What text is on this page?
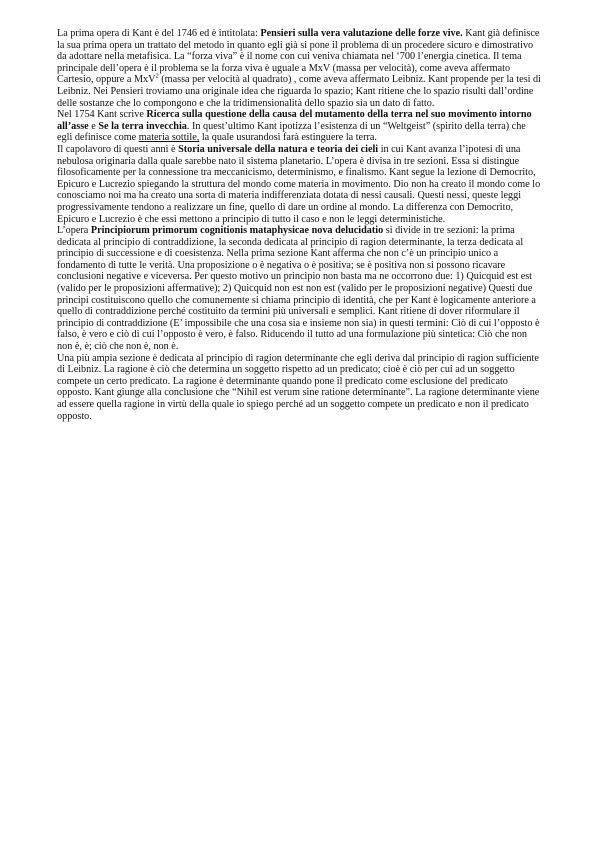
La prima opera di Kant è del 1746 ed è intitolata: Pensieri sulla vera valutazione delle forze vive. Kant già definisce la sua prima opera un trattato del metodo in quanto egli già si pone il problema di un procedere sicuro e dimostrativo da adottare nella metafisica. La “forza viva” è il nome con cui veniva chiamata nel ‘700 l’energia cinetica. Il tema principale dell’opera è il problema se la forza viva è uguale a MxV (massa per velocità), come aveva affermato Cartesio, oppure a MxV$^2$ (massa per velocità al quadrato) , come aveva affermato Leibniz. Kant propende per la tesi di Leibniz. Nei Pensieri troviamo una originale idea che riguarda lo spazio; Kant ritiene che lo spazio risulti dall’ordine delle sostanze che lo compongono e che la tridimensionalità dello spazio sia un dato di fatto.

Nel 1754 Kant scrive Ricerca sulla questione della causa del mutamento della terra nel suo movimento intorno all’asse e Se la terra invecchia. In quest’ultimo Kant ipotizza l’esistenza di un “Weltgeist” (spirito della terra) che egli definisce come materia sottile, la quale usurandosi farà estinguere la terra.

Il capolavoro di questi anni è Storia universale della natura e teoria dei cieli in cui Kant avanza l’ipotesi di una nebulosa originaria dalla quale sarebbe nato il sistema planetario. L’opera è divisa in tre sezioni. Essa si distingue filosoficamente per la connessione tra meccanicismo, determinismo, e finalismo. Kant segue la lezione di Democrito, Epicuro e Lucrezio spiegando la struttura del mondo come materia in movimento. Dio non ha creato il mondo come lo conosciamo noi ma ha creato una sorta di materia indifferenziata dotata di nessi causali. Questi nessi, queste leggi progressivamente tendono a realizzare un fine, quello di dare un ordine al mondo. La differenza con Democrito, Epicuro e Lucrezio è che essi mettono a principio di tutto il caso e non le leggi deterministiche.

L’opera Principiorum primorum cognitionis mataphysicae nova delucidatio si divide in tre sezioni: la prima dedicata al principio di contraddizione, la seconda dedicata al principio di ragion determinante, la terza dedicata al principio di successione e di coesistenza. Nella prima sezione Kant afferma che non c’è un principio unico a fondamento di tutte le verità. Una proposizione o è negativa o è positiva; se è positiva non si possono ricavare conclusioni negative e viceversa. Per questo motivo un principio non basta ma ne occorrono due: 1) Quicquid est est (valido per le proposizioni affermative); 2) Quicquid non est non est (valido per le proposizioni negative) Questi due principi costituiscono quello che comunemente si chiama principio di identità, che per Kant è logicamente anteriore a quello di contraddizione perché costituito da termini più universali e semplici. Kant ritiene di dover riformulare il principio di contraddizione (E’ impossibile che una cosa sia e insieme non sia) in questi termini: Ciò di cui l’opposto è falso, è vero e ciò di cui l’opposto è vero, è falso. Riducendo il tutto ad una formulazione più sintetica: Ciò che non non è, è; ciò che non è, non è.

Una più ampia sezione è dedicata al principio di ragion determinante che egli deriva dal principio di ragion sufficiente di Leibniz. La ragione è ciò che determina un soggetto rispetto ad un predicato; cioè è ciò per cui ad un soggetto compete un certo predicato. La ragione è determinante quando pone il predicato come esclusione del predicato opposto. Kant giunge alla conclusione che “Nihil est verum sine ratione determinante”. La ragione determinante viene ad essere quella ragione in virtù della quale io spiego perché ad un soggetto compete un predicato e non il predicato opposto.
